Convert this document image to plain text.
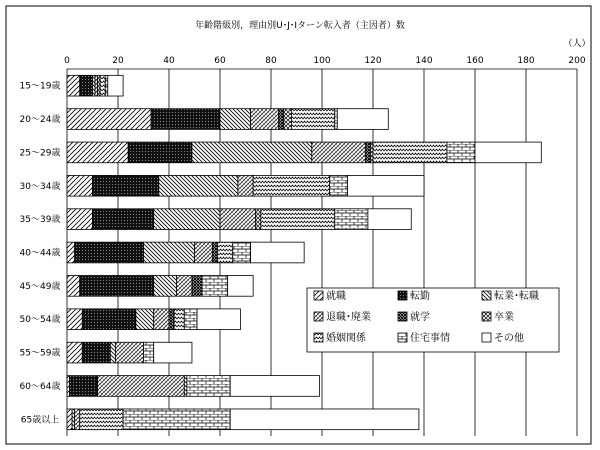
0	20	40	60	80	100	120	140	160	180	200
15～19歳
20～24歳
25～29歳
30～34歳
35～39歳
40～44歳
45～49歳
50～54歳
55～59歳
60～64歳
65歳以上
就職	転勤	転業･転職
退職･廃業	就学	卒業
婚姻関係	住宅事情	その他
年齢階級別，理由別U･J･Iターン転入者（主因者）数
（人）
